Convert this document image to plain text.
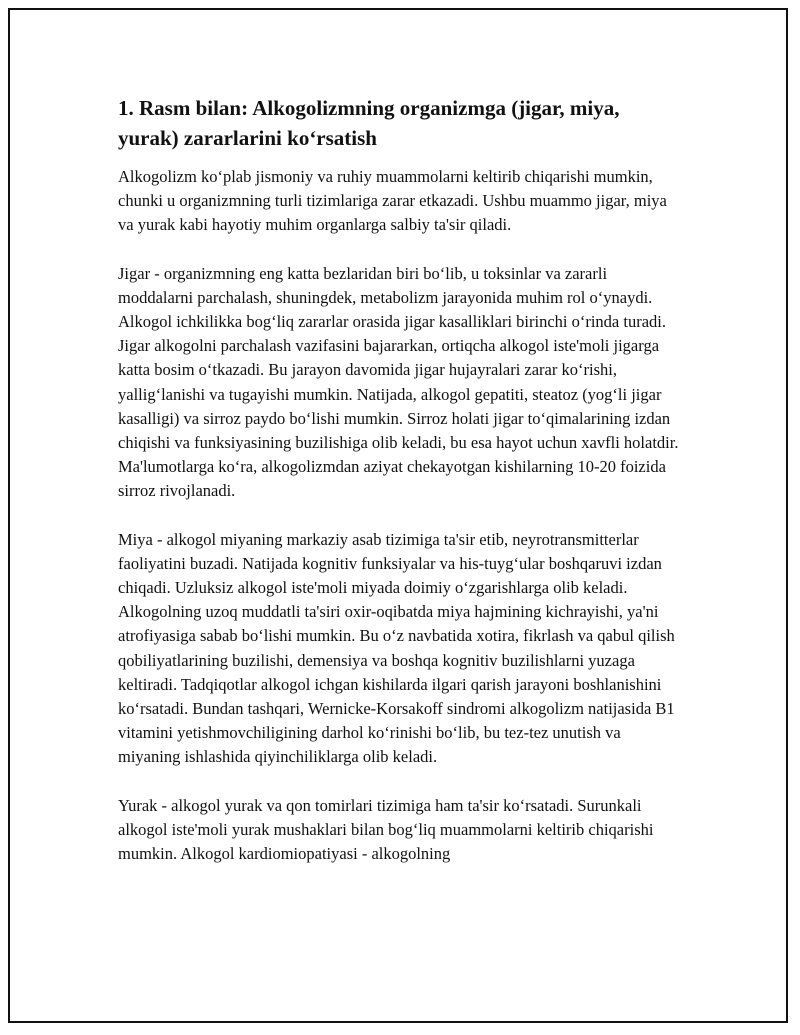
1. Rasm bilan: Alkogolizmning organizmga (jigar, miya, yurak) zararlarini koʻrsatish

Alkogolizm koʻplab jismoniy va ruhiy muammolarni keltirib chiqarishi mumkin, chunki u organizmning turli tizimlariga zarar etkazadi. Ushbu muammo jigar, miya va yurak kabi hayotiy muhim organlarga salbiy ta'sir qiladi.

Jigar - organizmning eng katta bezlaridan biri boʻlib, u toksinlar va zararli moddalarni parchalash, shuningdek, metabolizm jarayonida muhim rol oʻynaydi. Alkogol ichkilikka bogʻliq zararlar orasida jigar kasalliklari birinchi oʻrinda turadi. Jigar alkogolni parchalash vazifasini bajararkan, ortiqcha alkogol iste'moli jigarga katta bosim oʻtkazadi. Bu jarayon davomida jigar hujayralari zarar koʻrishi, yalligʻlanishi va tugayishi mumkin. Natijada, alkogol gepatiti, steatoz (yogʻli jigar kasalligi) va sirroz paydo boʻlishi mumkin. Sirroz holati jigar toʻqimalarining izdan chiqishi va funksiyasining buzilishiga olib keladi, bu esa hayot uchun xavfli holatdir. Ma'lumotlarga koʻra, alkogolizmdan aziyat chekayotgan kishilarning 10-20 foizida sirroz rivojlanadi.

Miya - alkogol miyaning markaziy asab tizimiga ta'sir etib, neyrotransmitterlar faoliyatini buzadi. Natijada kognitiv funksiyalar va his-tuygʻular boshqaruvi izdan chiqadi. Uzluksiz alkogol iste'moli miyada doimiy oʻzgarishlarga olib keladi. Alkogolning uzoq muddatli ta'siri oxir-oqibatda miya hajmining kichrayishi, ya'ni atrofiyasiga sabab boʻlishi mumkin. Bu oʻz navbatida xotira, fikrlash va qabul qilish qobiliyatlarining buzilishi, demensiya va boshqa kognitiv buzilishlarni yuzaga keltiradi. Tadqiqotlar alkogol ichgan kishilarda ilgari qarish jarayoni boshlanishini koʻrsatadi. Bundan tashqari, Wernicke-Korsakoff sindromi alkogolizm natijasida B1 vitamini yetishmovchiligining darhol koʻrinishi boʻlib, bu tez-tez unutish va miyaning ishlashida qiyinchiliklarga olib keladi.

Yurak - alkogol yurak va qon tomirlari tizimiga ham ta'sir koʻrsatadi. Surunkali alkogol iste'moli yurak mushaklari bilan bogʻliq muammolarni keltirib chiqarishi mumkin. Alkogol kardiomiopatiyasi - alkogolning
